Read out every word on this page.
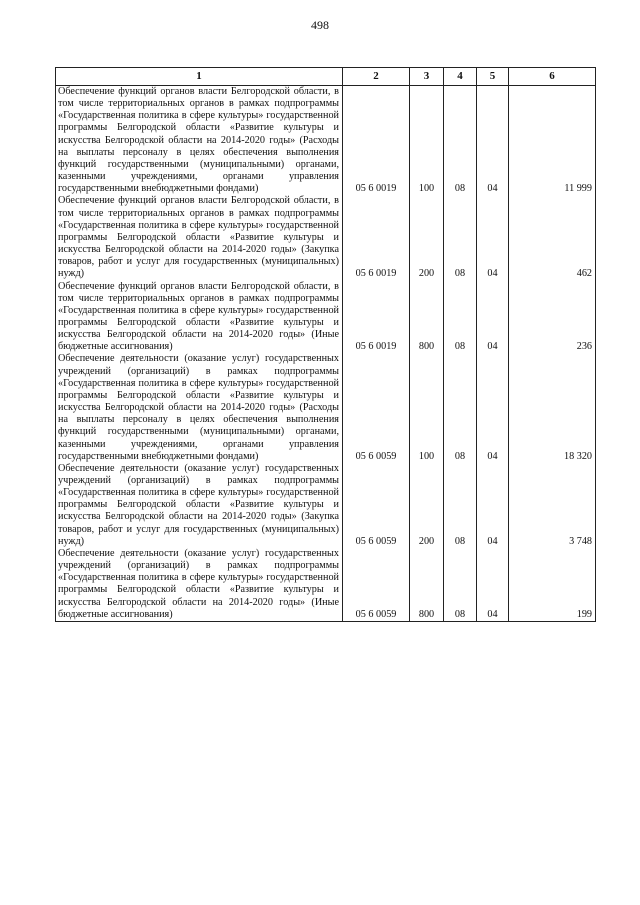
498
1	2	3	4	5	6
Обеспечение функций органов власти Белгородской области, в том числе территориальных органов в рамках подпрограммы «Государственная политика в сфере культуры» государственной программы Белгородской области «Развитие культуры и искусства Белгородской области на 2014-2020 годы» (Расходы на выплаты персоналу в целях обеспечения выполнения функций государственными (муниципальными) органами, казенными учреждениями, органами управления государственными внебюджетными фондами)	05 6 0019	100	08	04	11 999
Обеспечение функций органов власти Белгородской области, в том числе территориальных органов в рамках подпрограммы «Государственная политика в сфере культуры» государственной программы Белгородской области «Развитие культуры и искусства Белгородской области на 2014-2020 годы» (Закупка товаров, работ и услуг для государственных (муниципальных) нужд)	05 6 0019	200	08	04	462
Обеспечение функций органов власти Белгородской области, в том числе территориальных органов в рамках подпрограммы «Государственная политика в сфере культуры» государственной программы Белгородской области «Развитие культуры и искусства Белгородской области на 2014-2020 годы» (Иные бюджетные ассигнования)	05 6 0019	800	08	04	236
Обеспечение деятельности (оказание услуг) государственных учреждений (организаций) в рамках подпрограммы «Государственная политика в сфере культуры» государственной программы Белгородской области «Развитие культуры и искусства Белгородской области на 2014-2020 годы» (Расходы на выплаты персоналу в целях обеспечения выполнения функций государственными (муниципальными) органами, казенными учреждениями, органами управления государственными внебюджетными фондами)	05 6 0059	100	08	04	18 320
Обеспечение деятельности (оказание услуг) государственных учреждений (организаций) в рамках подпрограммы «Государственная политика в сфере культуры» государственной программы Белгородской области «Развитие культуры и искусства Белгородской области на 2014-2020 годы» (Закупка товаров, работ и услуг для государственных (муниципальных) нужд)	05 6 0059	200	08	04	3 748
Обеспечение деятельности (оказание услуг) государственных учреждений (организаций) в рамках подпрограммы «Государственная политика в сфере культуры» государственной программы Белгородской области «Развитие культуры и искусства Белгородской области на 2014-2020 годы» (Иные бюджетные ассигнования)	05 6 0059	800	08	04	199
